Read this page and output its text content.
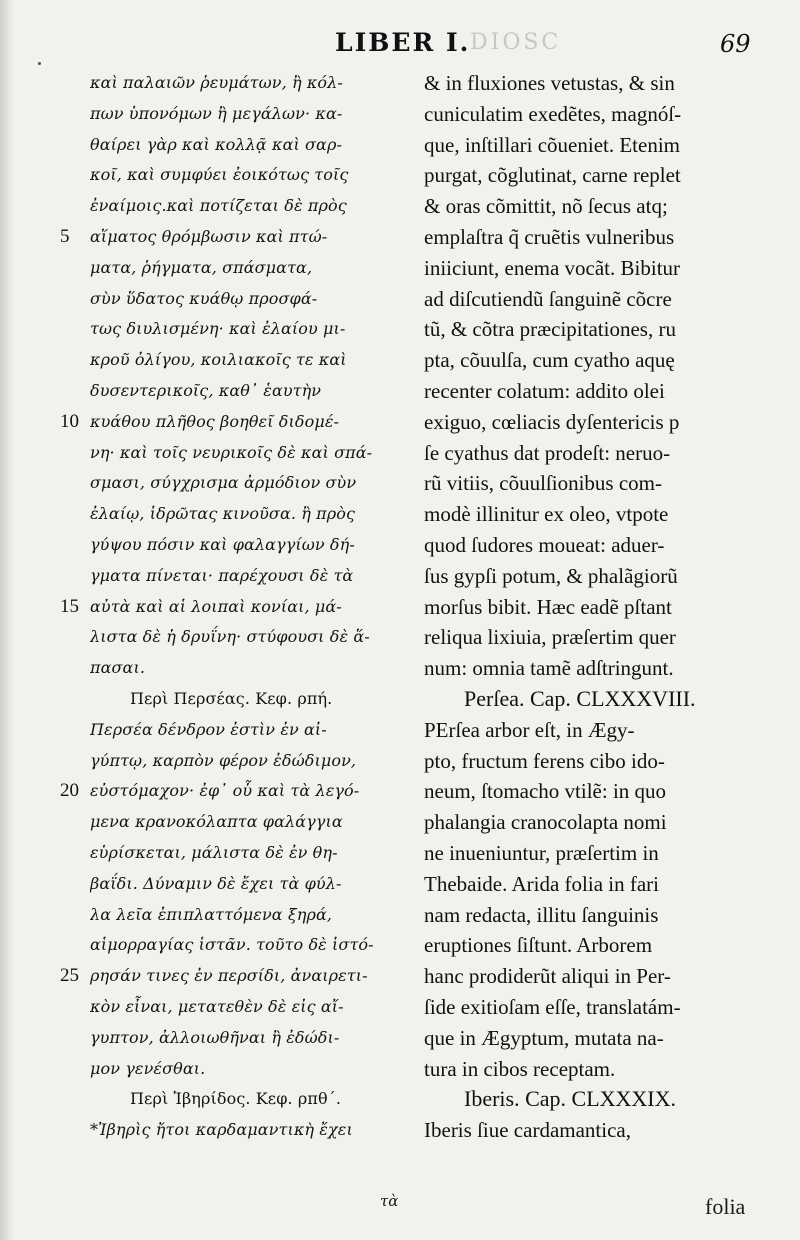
LIBER I. DIOSC	69
5
10
15
20
25
καὶ παλαιῶν ῥευμάτων, ἢ κόλ-
πων ὑπονόμων ἢ μεγάλων· κα-
θαίρει γὰρ καὶ κολλᾷ καὶ σαρ-
κοῖ, καὶ συμφύει ἐοικότως τοῖς
ἐναίμοις.καὶ ποτίζεται δὲ πρὸς
αἵματος θρόμβωσιν καὶ πτώ-
ματα, ῥήγματα, σπάσματα,
σὺν ὕδατος κυάθῳ προσφά-
τως διυλισμένη· καὶ ἐλαίου μι-
κροῦ ὀλίγου, κοιλιακοῖς τε καὶ
δυσεντερικοῖς, καθ᾿ ἑαυτὴν
κυάθου πλῆθος βοηθεῖ διδομέ-
νη· καὶ τοῖς νευρικοῖς δὲ καὶ σπά-
σμασι, σύγχρισμα ἀρμόδιον σὺν
ἐλαίῳ, ἱδρῶτας κινοῦσα. ἢ πρὸς
γύψου πόσιν καὶ φαλαγγίων δή-
γματα πίνεται· παρέχουσι δὲ τὰ
αὐτὰ καὶ αἱ λοιπαὶ κονίαι, μά-
λιστα δὲ ἡ δρυΐνη· στύφουσι δὲ ἅ-
πασαι.
Περὶ Περσέας. Κεφ. ρπή.
Περσέα δένδρον ἐστὶν ἐν αἰ-
γύπτῳ, καρπὸν φέρον ἐδώδιμον,
εὐστόμαχον· ἐφ᾿ οὗ καὶ τὰ λεγό-
μενα κρανοκόλαπτα φαλάγγια
εὑρίσκεται, μάλιστα δὲ ἐν θη-
βαΐδι. Δύναμιν δὲ ἔχει τὰ φύλ-
λα λεῖα ἐπιπλαττόμενα ξηρά,
αἱμορραγίας ἱστᾶν. τοῦτο δὲ ἱστό-
ρησάν τινες ἐν περσίδι, ἀναιρετι-
κὸν εἶναι, μετατεθὲν δὲ εἰς αἴ-
γυπτον, ἀλλοιωθῆναι ἢ ἐδώδι-
μον γενέσθαι.
Περὶ Ἰβηρίδος. Κεφ. ρπθ΄.
*Ἰβηρὶς ἤτοι καρδαμαντικὴ ἔχει
& in fluxiones vetustas, & sin
cuniculatim exedẽtes, magnóſ-
que, inſtillari cõueniet. Etenim
purgat, cõglutinat, carne replet
& oras cõmittit, nõ ſecus atq;
emplaſtra q̃ cruẽtis vulneribus
iniiciunt, enema vocãt. Bibitur
ad diſcutiendũ ſanguinẽ cõcre
tũ, & cõtra præcipitationes, ru
pta, cõuulſa, cum cyatho aquę
recenter colatum: addito olei
exiguo, cœliacis dyſentericis p
ſe cyathus dat prodeſt: neruo-
rũ vitiis, cõuulſionibus com-
modè illinitur ex oleo, vtpote
quod ſudores moueat: aduer-
ſus gypſi potum, & phalãgiorũ
morſus bibit. Hæc eadẽ pſtant
reliqua lixiuia, præſertim quer
num: omnia tamẽ adſtringunt.
Perſea. Cap. CLXXXVIII.
PErſea arbor eſt, in Ægy-
pto, fructum ferens cibo ido-
neum, ſtomacho vtilẽ: in quo
phalangia cranocolapta nomi
ne inueniuntur, præſertim in
Thebaide. Arida folia in fari
nam redacta, illitu ſanguinis
eruptiones ſiſtunt. Arborem
hanc prodiderũt aliqui in Per-
ſide exitioſam eſſe, translatám-
que in Ægyptum, mutata na-
tura in cibos receptam.
Iberis. Cap. CLXXXIX.
Iberis ſiue cardamantica,
τὰ	folia
